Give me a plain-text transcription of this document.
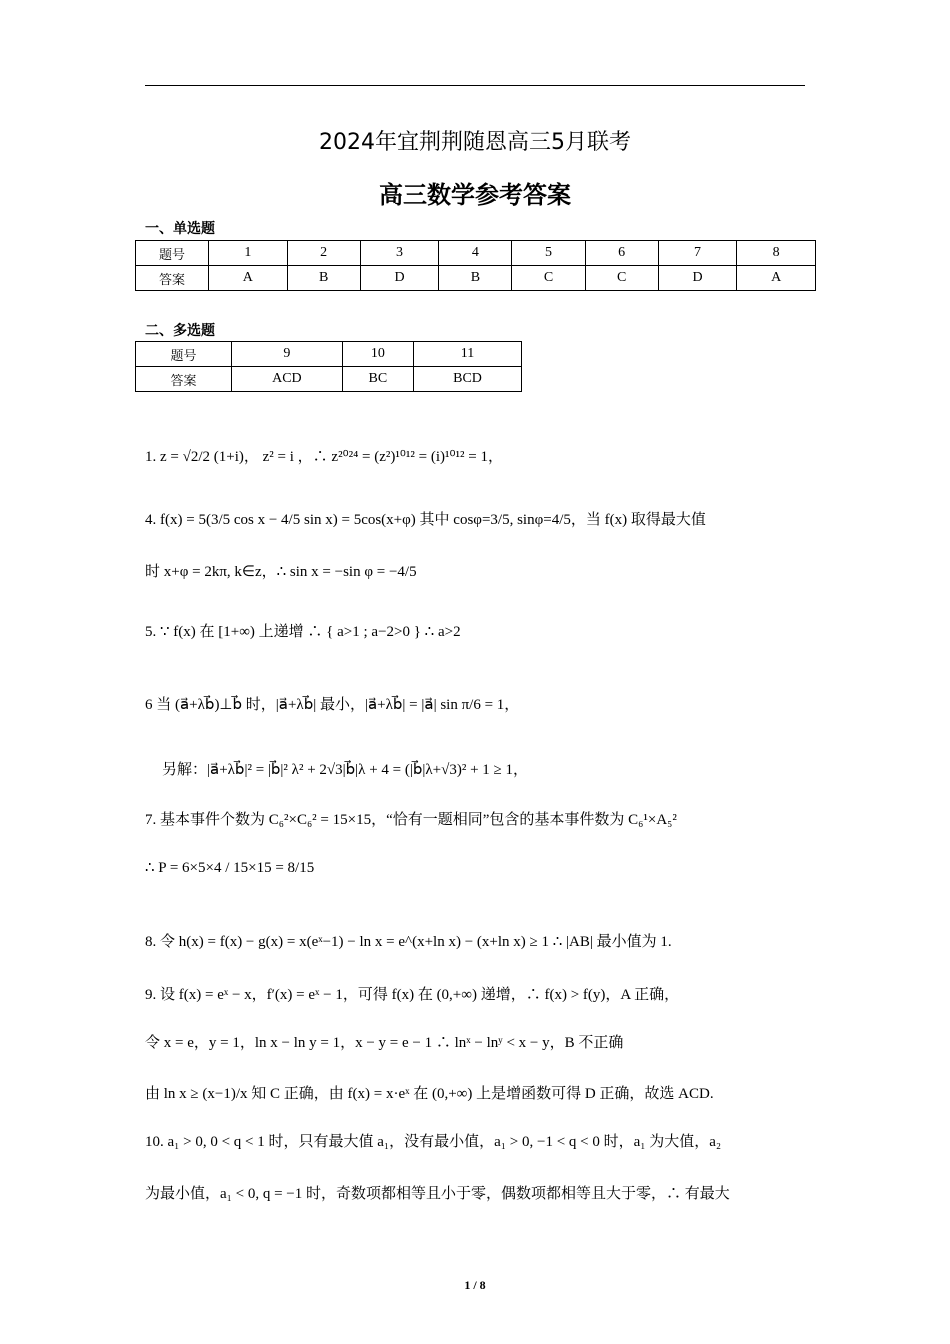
2024年宜荆荆随恩高三5月联考
高三数学参考答案
一、单选题
题号	1	2	3	4	5	6	7	8
答案	A	B	D	B	C	C	D	A
二、多选题
题号	9	10	11
答案	ACD	BC	BCD
1. z = √2/2 (1+i)， z² = i ，∴ z²⁰²⁴ = (z²)¹⁰¹² = (i)¹⁰¹² = 1，
4. f(x) = 5(3/5 cos x − 4/5 sin x) = 5cos(x+φ) 其中 cosφ=3/5, sinφ=4/5，当 f(x) 取得最大值
时 x+φ = 2kπ, k∈z，∴ sin x = −sin φ = −4/5
5. ∵ f(x) 在 [1+∞) 上递增 ∴ { a>1 ; a−2>0 } ∴ a>2
6 当 (a⃗+λb⃗)⊥b⃗ 时，|a⃗+λb⃗| 最小，|a⃗+λb⃗| = |a⃗| sin π/6 = 1，
另解：|a⃗+λb⃗|² = |b⃗|² λ² + 2√3|b⃗|λ + 4 = (|b⃗|λ+√3)² + 1 ≥ 1，
7. 基本事件个数为 C₆²×C₆² = 15×15，“恰有一题相同”包含的基本事件数为 C₆¹×A₅²
∴ P = 6×5×4 / 15×15 = 8/15
8. 令 h(x) = f(x) − g(x) = x(eˣ−1) − ln x = e^(x+ln x) − (x+ln x) ≥ 1 ∴ |AB| 最小值为 1.
9. 设 f(x) = eˣ − x，f′(x) = eˣ − 1，可得 f(x) 在 (0,+∞) 递增，∴ f(x) > f(y)，A 正确，
令 x = e，y = 1，ln x − ln y = 1，x − y = e − 1 ∴ lnˣ − lnʸ < x − y，B 不正确
由 ln x ≥ (x−1)/x 知 C 正确，由 f(x) = x·eˣ 在 (0,+∞) 上是增函数可得 D 正确，故选 ACD.
10. a₁ > 0, 0 < q < 1 时，只有最大值 a₁，没有最小值，a₁ > 0, −1 < q < 0 时，a₁ 为大值，a₂
为最小值，a₁ < 0, q = −1 时，奇数项都相等且小于零，偶数项都相等且大于零，∴ 有最大
1 / 8
